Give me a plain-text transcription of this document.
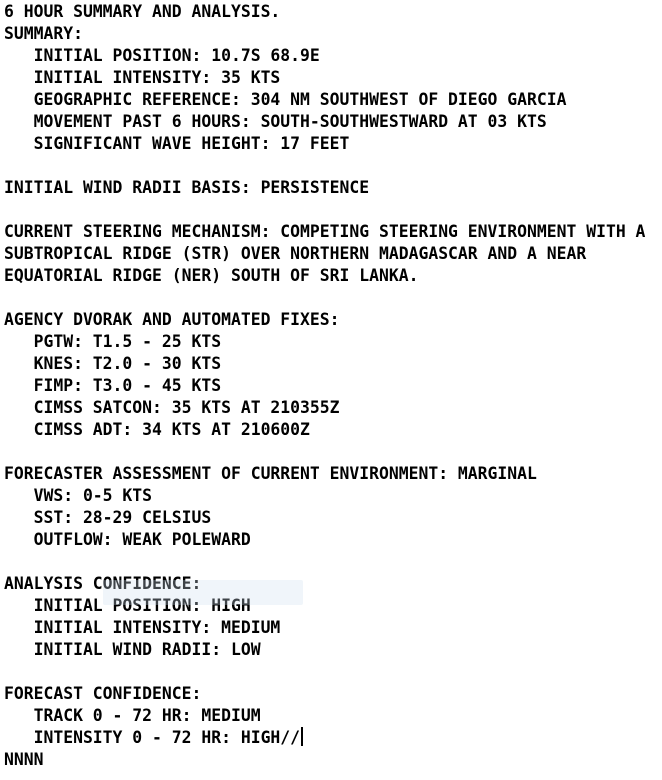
6 HOUR SUMMARY AND ANALYSIS.
SUMMARY:
INITIAL POSITION: 10.7S 68.9E
INITIAL INTENSITY: 35 KTS
GEOGRAPHIC REFERENCE: 304 NM SOUTHWEST OF DIEGO GARCIA
MOVEMENT PAST 6 HOURS: SOUTH-SOUTHWESTWARD AT 03 KTS
SIGNIFICANT WAVE HEIGHT: 17 FEET
INITIAL WIND RADII BASIS: PERSISTENCE
CURRENT STEERING MECHANISM: COMPETING STEERING ENVIRONMENT WITH A
SUBTROPICAL RIDGE (STR) OVER NORTHERN MADAGASCAR AND A NEAR
EQUATORIAL RIDGE (NER) SOUTH OF SRI LANKA.
AGENCY DVORAK AND AUTOMATED FIXES:
PGTW: T1.5 - 25 KTS
KNES: T2.0 - 30 KTS
FIMP: T3.0 - 45 KTS
CIMSS SATCON: 35 KTS AT 210355Z
CIMSS ADT: 34 KTS AT 210600Z
FORECASTER ASSESSMENT OF CURRENT ENVIRONMENT: MARGINAL
VWS: 0-5 KTS
SST: 28-29 CELSIUS
OUTFLOW: WEAK POLEWARD
ANALYSIS CONFIDENCE:
INITIAL POSITION: HIGH
INITIAL INTENSITY: MEDIUM
INITIAL WIND RADII: LOW
FORECAST CONFIDENCE:
TRACK 0 - 72 HR: MEDIUM
INTENSITY 0 - 72 HR: HIGH//
NNNN
